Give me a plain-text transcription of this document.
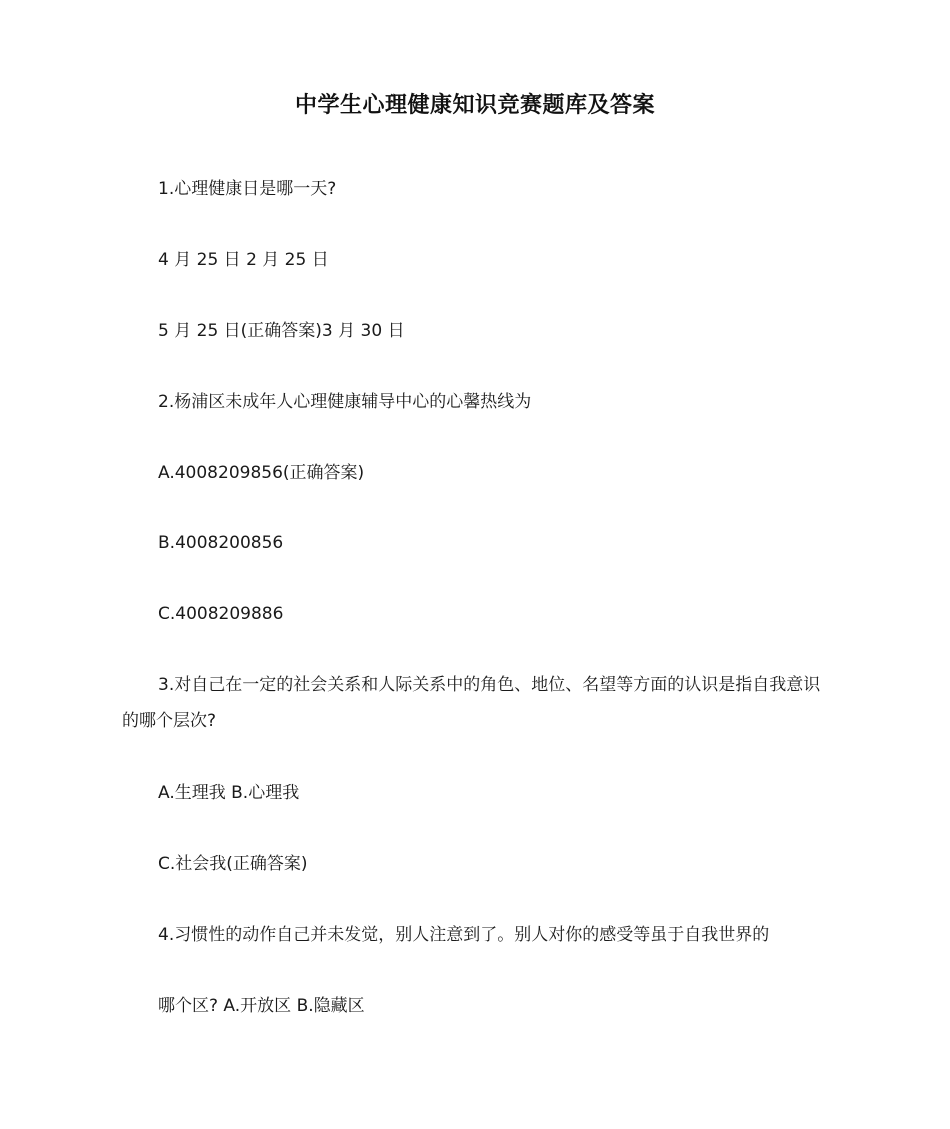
中学生心理健康知识竞赛题库及答案
1.心理健康日是哪一天?
4 月 25 日 2 月 25 日
5 月 25 日(正确答案)3 月 30 日
2.杨浦区未成年人心理健康辅导中心的心馨热线为
A.4008209856(正确答案)
B.4008200856
C.4008209886
3.对自己在一定的社会关系和人际关系中的角色、地位、名望等方面的认识是指自我意识的哪个层次?
A.生理我 B.心理我
C.社会我(正确答案)
4.习惯性的动作自己并未发觉，别人注意到了。别人对你的感受等虽于自我世界的
哪个区? A.开放区 B.隐藏区
